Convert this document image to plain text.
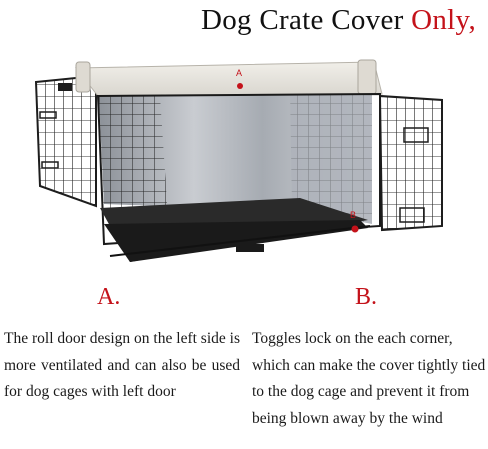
Dog Crate Cover Only,
A
B
A.	B.
The roll door design on the left side is more ventilated and can also be used for dog cages with left door
Toggles lock on the each corner, which can make the cover tightly tied to the dog cage and prevent it from being blown away by the wind
